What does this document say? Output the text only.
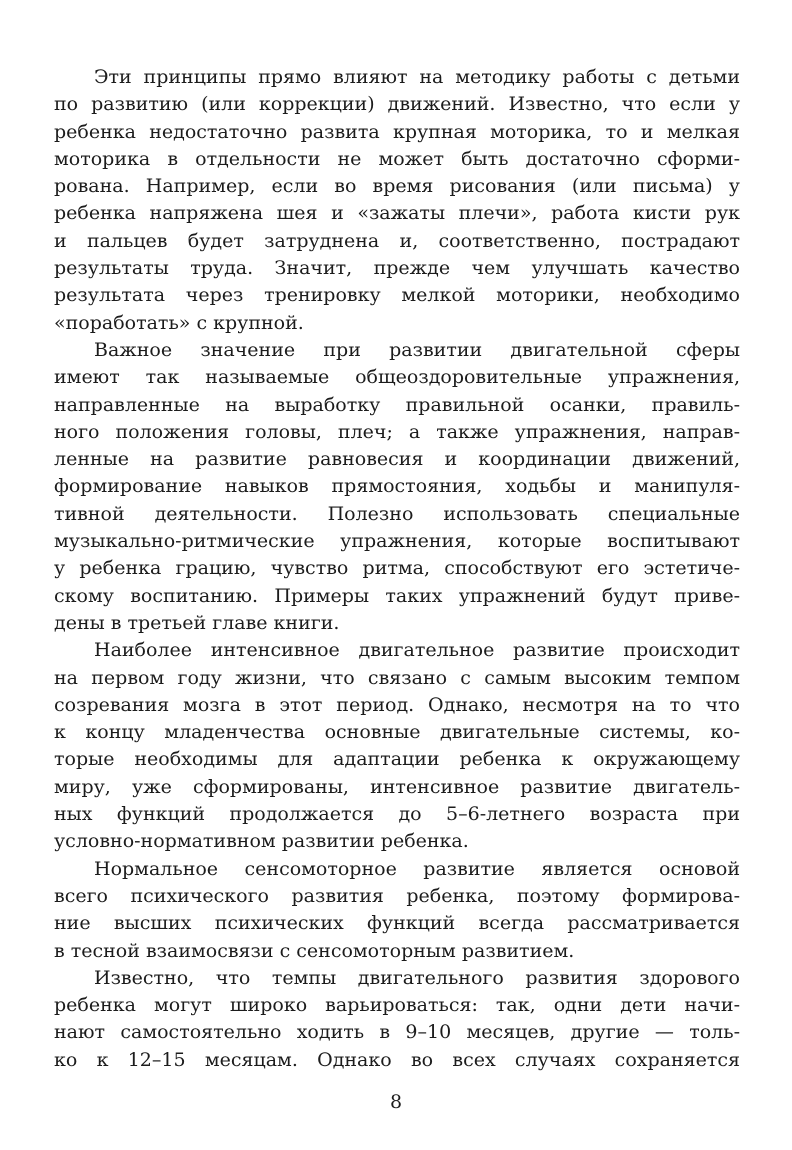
Эти принципы прямо влияют на методику работы с детьми
по развитию (или коррекции) движений. Известно, что если у
ребенка недостаточно развита крупная моторика, то и мелкая
моторика в отдельности не может быть достаточно сформи-
рована. Например, если во время рисования (или письма) у
ребенка напряжена шея и «зажаты плечи», работа кисти рук
и пальцев будет затруднена и, соответственно, пострадают
результаты труда. Значит, прежде чем улучшать качество
результата через тренировку мелкой моторики, необходимо
«поработать» с крупной.
Важное значение при развитии двигательной сферы
имеют так называемые общеоздоровительные упражнения,
направленные на выработку правильной осанки, правиль-
ного положения головы, плеч; а также упражнения, направ-
ленные на развитие равновесия и координации движений,
формирование навыков прямостояния, ходьбы и манипуля-
тивной деятельности. Полезно использовать специальные
музыкально-ритмические упражнения, которые воспитывают
у ребенка грацию, чувство ритма, способствуют его эстетиче-
скому воспитанию. Примеры таких упражнений будут приве-
дены в третьей главе книги.
Наиболее интенсивное двигательное развитие происходит
на первом году жизни, что связано с самым высоким темпом
созревания мозга в этот период. Однако, несмотря на то что
к концу младенчества основные двигательные системы, ко-
торые необходимы для адаптации ребенка к окружающему
миру, уже сформированы, интенсивное развитие двигатель-
ных функций продолжается до 5–6-летнего возраста при
условно-нормативном развитии ребенка.
Нормальное сенсомоторное развитие является основой
всего психического развития ребенка, поэтому формирова-
ние высших психических функций всегда рассматривается
в тесной взаимосвязи с сенсомоторным развитием.
Известно, что темпы двигательного развития здорового
ребенка могут широко варьироваться: так, одни дети начи-
нают самостоятельно ходить в 9–10 месяцев, другие — толь-
ко к 12–15 месяцам. Однако во всех случаях сохраняется
8
